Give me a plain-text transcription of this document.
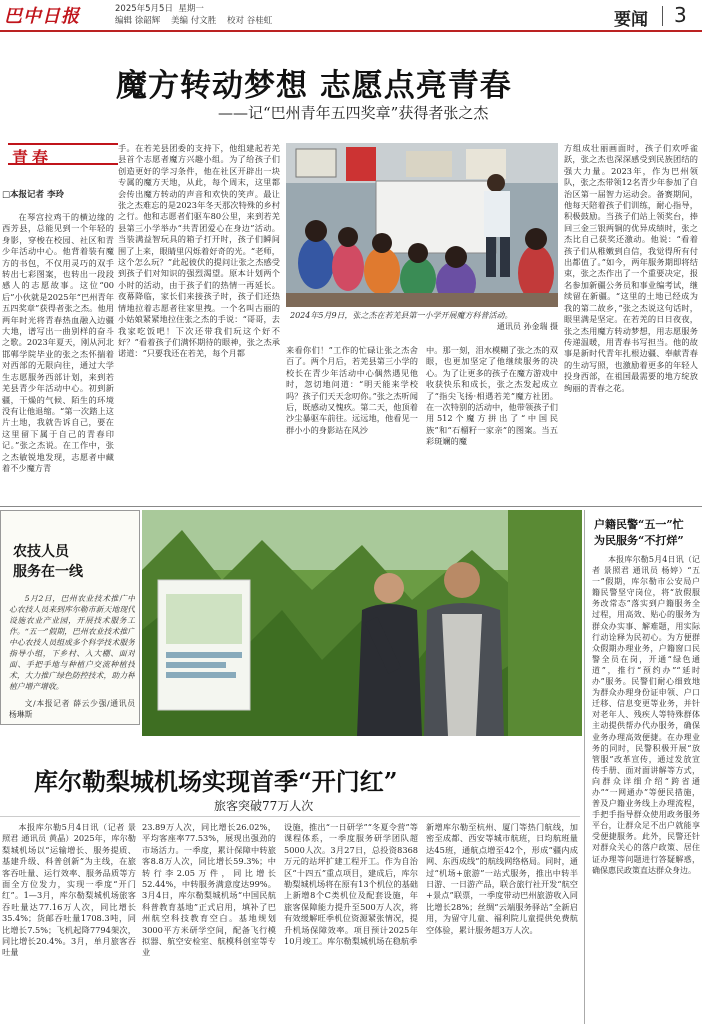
巴中日报	2025年5月5日 星期一
编辑 徐韶辉 美编 付文胜 校对 谷桂虹	要闻 3
魔方转动梦想 志愿点亮青春
——记“巴州青年五四奖章”获得者张之杰
青春
□本报记者 李玲
在琴宫拉鸡干的横边缘的西芳县，总能见到一个年轻的身影，穿梭在校园、社区和青少年活动中心。他背着装有魔方的书包，不仅用灵巧的双手转出七彩图案，也转出一段段感人的志愿故事。这位“00后”小伙就是2025年“巴州青年五四奖章”获得者张之杰。他用两年时光将青春热血融入边疆大地，谱写出一曲别样的奋斗之歌。2023年夏天，刚从河北邯郸学院毕业的张之杰怀揣着对西部的无限向往，通过大学生志愿服务西部计划，来到若羌县青少年活动中心。初到新疆，干燥的气候、陌生的环境没有让他退缩。“第一次踏上这片土地，我就告诉自己，要在这里留下属于自己的青春印记。”张之杰说。在工作中，张之杰敏锐地发现，志愿者中藏着不少魔方青
手。在若羌县团委的支持下，他组建起若羌县首个志愿者魔方兴趣小组。为了给孩子们创造更好的学习条件，他在社区开辟出一块专属的魔方天地，从此，每个周末，这里都会传出魔方转动的声音和欢快的笑声。最让张之杰难忘的是2023年冬天那次特殊的乡村之行。他和志愿者们驱车80公里，来到若羌县第三小学举办“共青团爱心在身边”活动。当装满益智玩具的箱子打开时，孩子们瞬间围了上来，眼睛里闪烁着好奇的光。“老师，这个怎么玩？”此起彼伏的提问让张之杰感受到孩子们对知识的强烈渴望。原本计划两个小时的活动，由于孩子们的热情一再延长。夜幕降临，家长们来接孩子时，孩子们还热情地拉着志愿者往家里拽。一个名叫古丽的小姑娘紧紧地拉住张之杰的手说：“哥哥，去我家吃饭吧！下次还带我们玩这个好不好？”看着孩子们满怀期待的眼神，张之杰承诺道：“只要我还在若羌，每个月都
2024年5月9日，张之杰在若羌县第一小学开展魔方科普活动。
通讯员 孙金瑞 摄
来看你们！”工作的忙碌让张之杰舍百了。两个月后，若羌县第三小学的校长在青少年活动中心偶然遇见他时，忽切地问道：“明天能来学校吗？孩子们天天念叨你。”张之杰听闻后，既感动又愧疚。第二天，他顶着沙尘暴驱车前往。远远地，他看见一群小小的身影站在风沙
中。那一刻，泪水模糊了张之杰的双眼，也更加坚定了他继续服务的决心。为了让更多的孩子在魔方游戏中收获快乐和成长，张之杰发起成立了“指尖飞扬·相遇若羌”魔方社团。在一次特别的活动中，他带领孩子们用512个魔方拼出了“中国民族”和“石榴籽一家亲”的图案。当五彩斑斓的魔
方组成壮丽画面时，孩子们欢呼雀跃，张之杰也深深感受到民族团结的强大力量。2023年，作为巴州领队，张之杰带领12名青少年参加了自治区第一届智力运动会。备赛期间，他每天陪着孩子们训练，耐心指导，积极鼓励。当孩子们站上领奖台，捧回三金三银两铜的优异成绩时，张之杰比自己获奖还激动。他说：“看着孩子们从稚嫩到自信，我觉得所有付出都值了。”如今，两年服务期即将结束，张之杰作出了一个重要决定，报名参加新疆公务员和事业编考试，继续留在新疆。“这里的土地已经成为我的第二故乡，”张之杰说这句话时，眼里满是坚定。在若羌的日日夜夜，张之杰用魔方转动梦想，用志愿服务传递温暖，用青春书写担当。他的故事是新时代青年扎根边疆、奉献青春的生动写照，也激励着更多的年轻人投身西部，在祖国最需要的地方绽放绚丽的青春之花。
农技人员
服务在一线
5月2日，巴州农业技术推广中心农技人员来到库尔勒市新天地现代设施农业产业园，开展技术服务工作。“五一”假期，巴州农业技术推广中心农技人员组成多个科学技术服务指导小组，下乡村、入大棚、面对面、手把手地与种植户交流种植技术，大力推广绿色防控技术，助力种植户增产增收。
文/本报记者 薛云少强/通讯员 杨琳斯
户籍民警“五一”忙
为民服务“不打烊”
本报库尔勒5月4日讯（记者 景照君 通讯员 杨婷）“五一”假期，库尔勒市公安局户籍民警坚守岗位，将“放假服务改常态”落实到户籍服务全过程，用高效、贴心的服务为群众办实事、解难题，用实际行动诠释为民初心。为方便群众假期办理业务，户籍窗口民警全员在岗，开通“绿色通道”，推行“预约办”“延时办”服务。民警们耐心细致地为群众办理身份证申领、户口迁移、信息变更等业务，并针对老年人、残疾人等特殊群体主动提供帮办代办服务，确保业务办理高效便捷。在办理业务的同时，民警积极开展“放管服”改革宣传，通过发放宣传手册、面对面讲解等方式，向群众详细介绍“跨省通办”“一网通办”等便民措施，普及户籍业务线上办理流程，手把手指导群众使用政务服务平台，让群众足不出户就能享受便捷服务。此外，民警还针对群众关心的落户政策、居住证办理等问题进行答疑解惑，确保惠民政策直达群众身边。
库尔勒梨城机场实现首季“开门红”
旅客突破77万人次
本报库尔勒5月4日讯（记者 景照君 通讯员 黄晶）2025年，库尔勒梨城机场以“运输增长、服务提质、基建升级、科普创新”为主线，在旅客吞吐量、运行效率、服务品质等方面全方位发力，实现一季度“开门红”。1—3月，库尔勒梨城机场旅客吞吐量达77.16万人次，同比增长35.4%；货邮吞吐量1708.3吨，同比增长7.5%；飞机起降7794架次，同比增长20.4%。3月，单月旅客吞吐量
23.89万人次，同比增长26.02%，平均客座率77.53%，展现出强劲的市场活力。一季度，累计保障中转旅客8.8万人次，同比增长59.3%；中转行李2.05万件，同比增长52.44%，中转服务满意度达99%。3月4日，库尔勒梨城机场“中国民航科普教育基地”正式启用，填补了巴州航空科技教育空白。基地规划3000平方米研学空间，配备飞行模拟器、航空安检室、航模科创室等专业
设施，推出“一日研学”“冬夏令营”等课程体系，一季度服务研学团队超5000人次。3月27日，总投资8368万元的站坪扩建工程开工。作为自治区“十四五”重点项目，建成后，库尔勒梨城机场将在原有13个机位的基础上新增8个C类机位及配套设施，年旅客保障能力提升至500万人次，将有效缓解旺季机位资源紧张情况，提升机场保障效率。项目预计2025年10月竣工。库尔勒梨城机场在稳航季
新增库尔勒至杭州、厦门等热门航线，加密至成都、西安等城市航班，日均航班量达45班，通航点增至42个，形成“疆内成网、东西成线”的航线网络格局。同时，通过“机场+旅游”一站式服务，推出中转半日游、一日游产品，联合旅行社开发“航空+景点”联票，一季度带动巴州旅游收入同比增长28%；丝绸“云端服务驿站”全新启用，为留守儿童、福利院儿童提供免费航空体验，累计服务超3万人次。
